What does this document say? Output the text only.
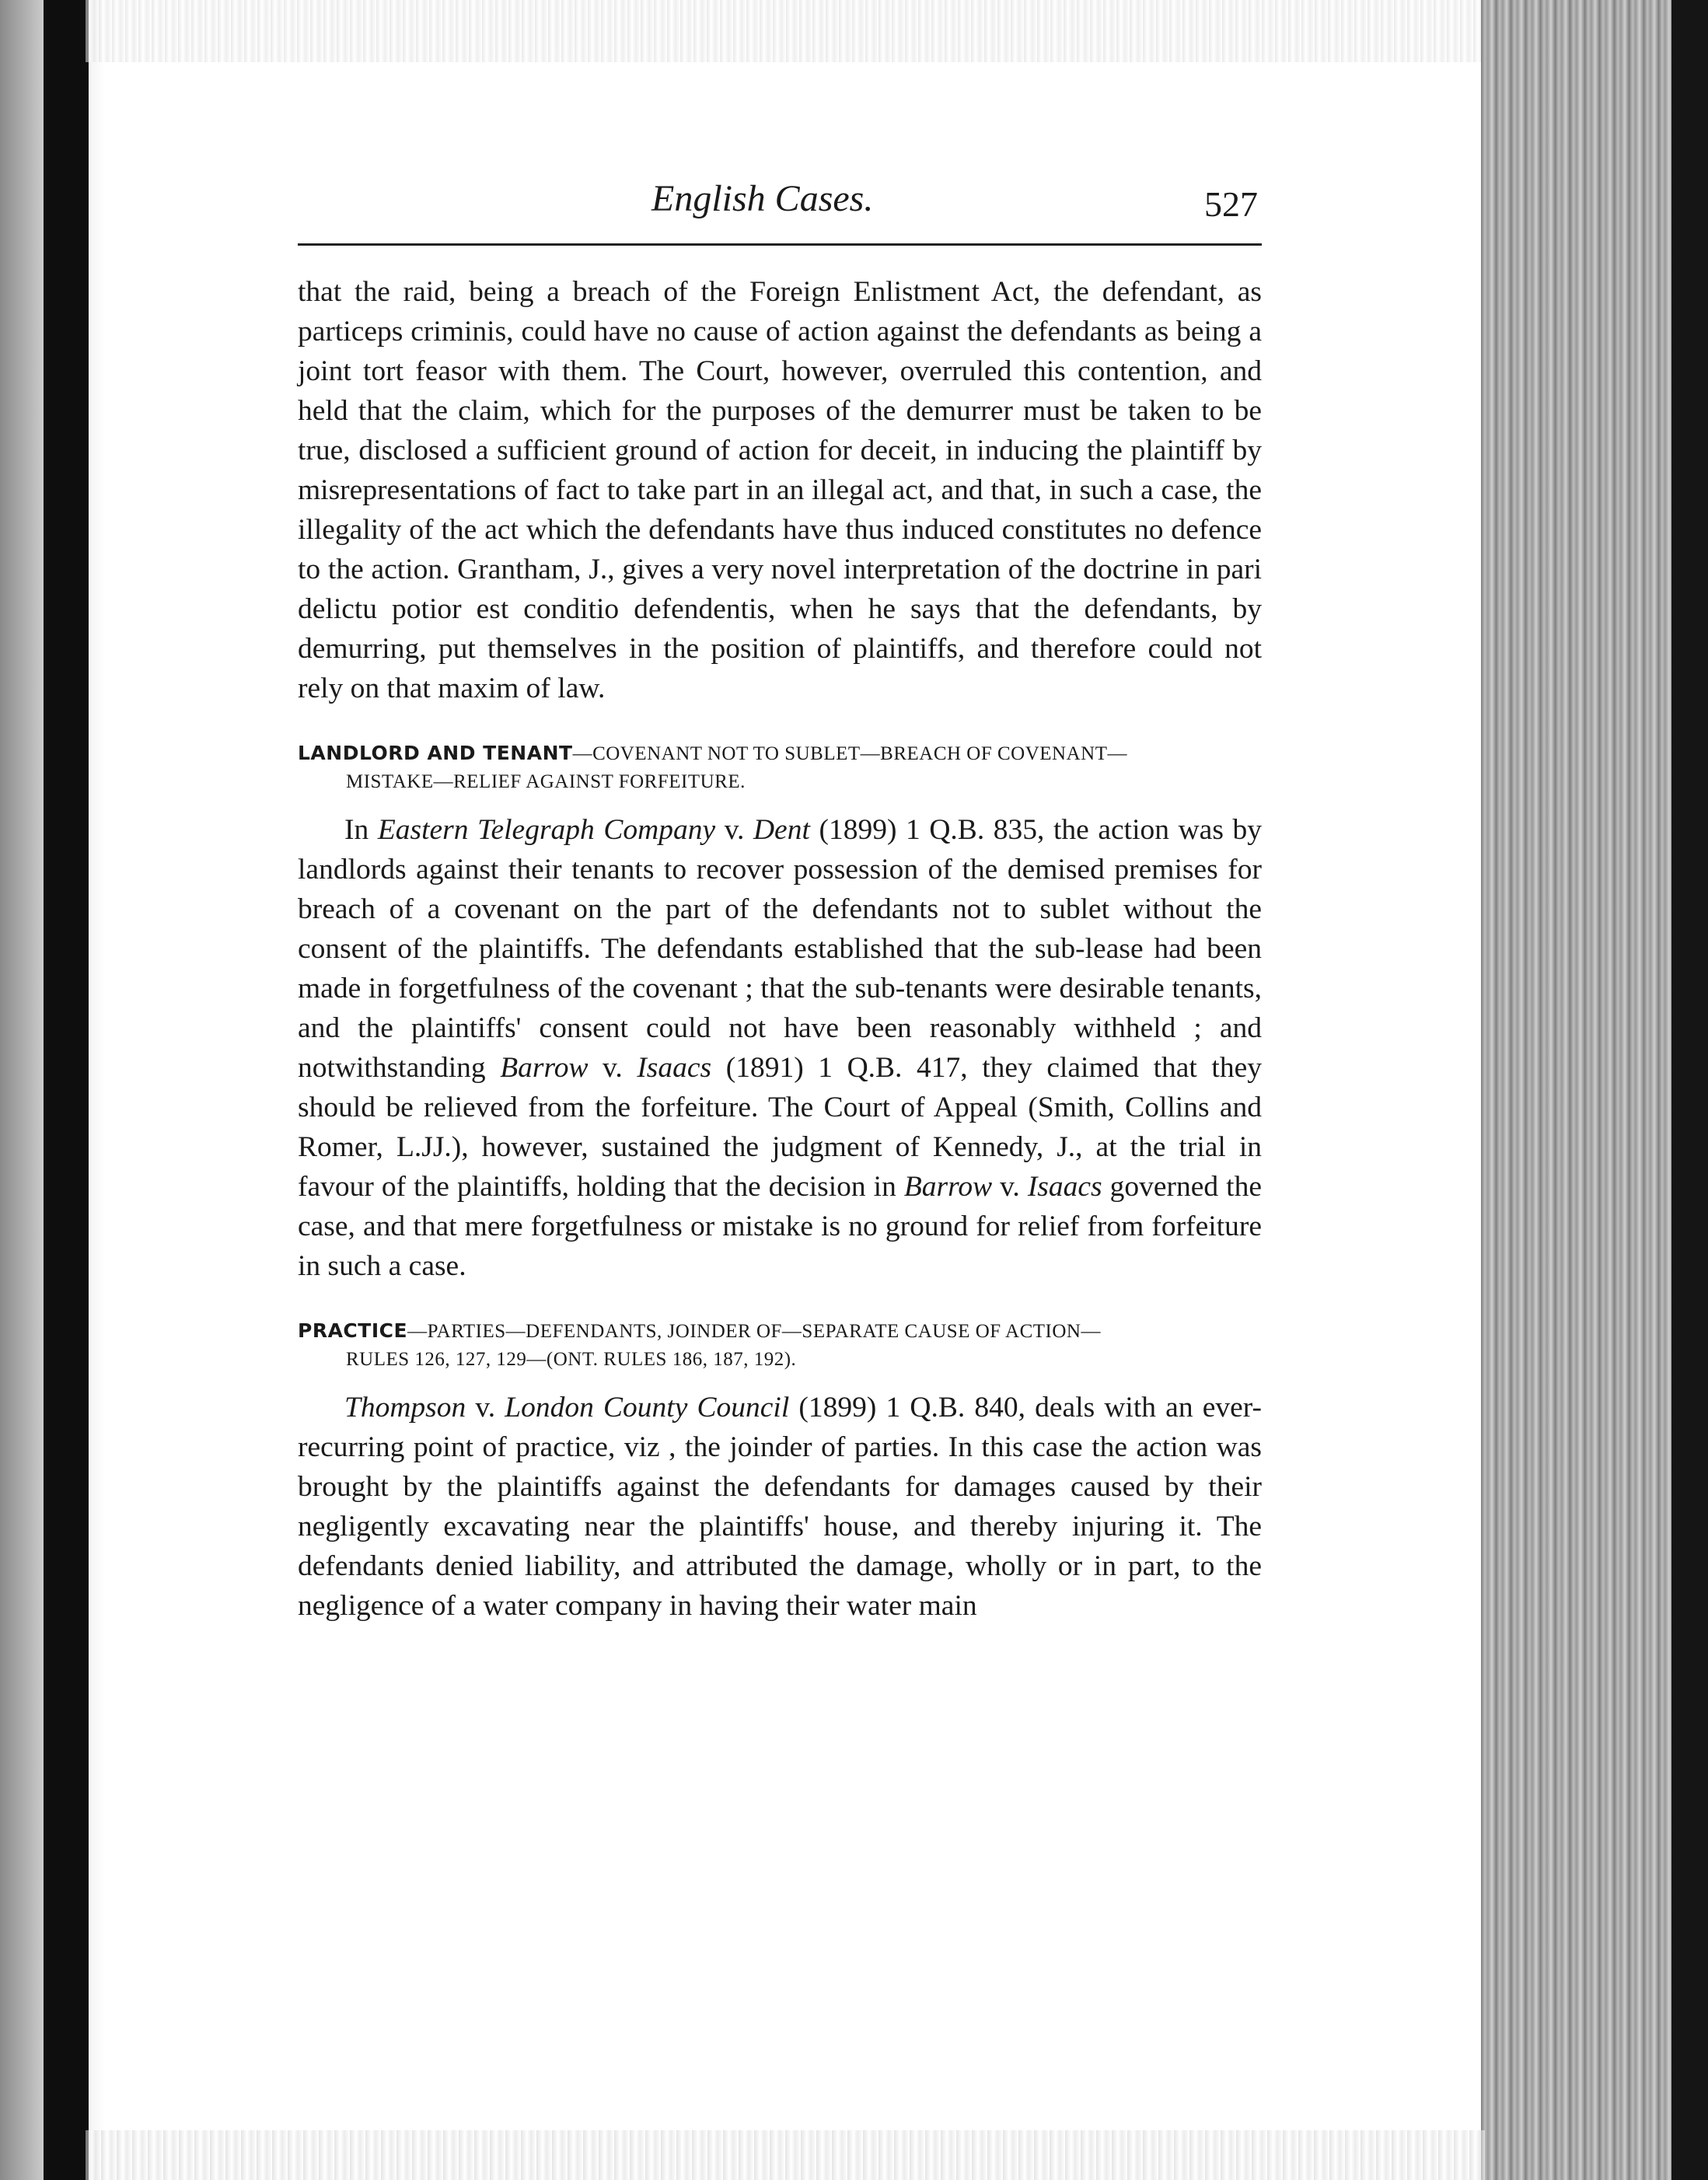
English Cases.	527

that the raid, being a breach of the Foreign Enlistment Act, the defendant, as particeps criminis, could have no cause of action against the defendants as being a joint tort feasor with them. The Court, however, overruled this contention, and held that the claim, which for the purposes of the demurrer must be taken to be true, disclosed a sufficient ground of action for deceit, in inducing the plaintiff by misrepresentations of fact to take part in an illegal act, and that, in such a case, the illegality of the act which the defendants have thus induced constitutes no defence to the action. Grantham, J., gives a very novel interpretation of the doctrine in pari delictu potior est conditio defendentis, when he says that the defendants, by demurring, put themselves in the position of plaintiffs, and therefore could not rely on that maxim of law.

LANDLORD AND TENANT—COVENANT NOT TO SUBLET—BREACH OF COVENANT—
MISTAKE—RELIEF AGAINST FORFEITURE.

In Eastern Telegraph Company v. Dent (1899) 1 Q.B. 835, the action was by landlords against their tenants to recover possession of the demised premises for breach of a covenant on the part of the defendants not to sublet without the consent of the plaintiffs. The defendants established that the sub-lease had been made in forgetfulness of the covenant ; that the sub-tenants were desirable tenants, and the plaintiffs' consent could not have been reasonably withheld ; and notwithstanding Barrow v. Isaacs (1891) 1 Q.B. 417, they claimed that they should be relieved from the forfeiture. The Court of Appeal (Smith, Collins and Romer, L.JJ.), however, sustained the judgment of Kennedy, J., at the trial in favour of the plaintiffs, holding that the decision in Barrow v. Isaacs governed the case, and that mere forgetfulness or mistake is no ground for relief from forfeiture in such a case.

PRACTICE—PARTIES—DEFENDANTS, JOINDER OF—SEPARATE CAUSE OF ACTION—
RULES 126, 127, 129—(ONT. RULES 186, 187, 192).

Thompson v. London County Council (1899) 1 Q.B. 840, deals with an ever-recurring point of practice, viz , the joinder of parties. In this case the action was brought by the plaintiffs against the defendants for damages caused by their negligently excavating near the plaintiffs' house, and thereby injuring it. The defendants denied liability, and attributed the damage, wholly or in part, to the negligence of a water company in having their water main
